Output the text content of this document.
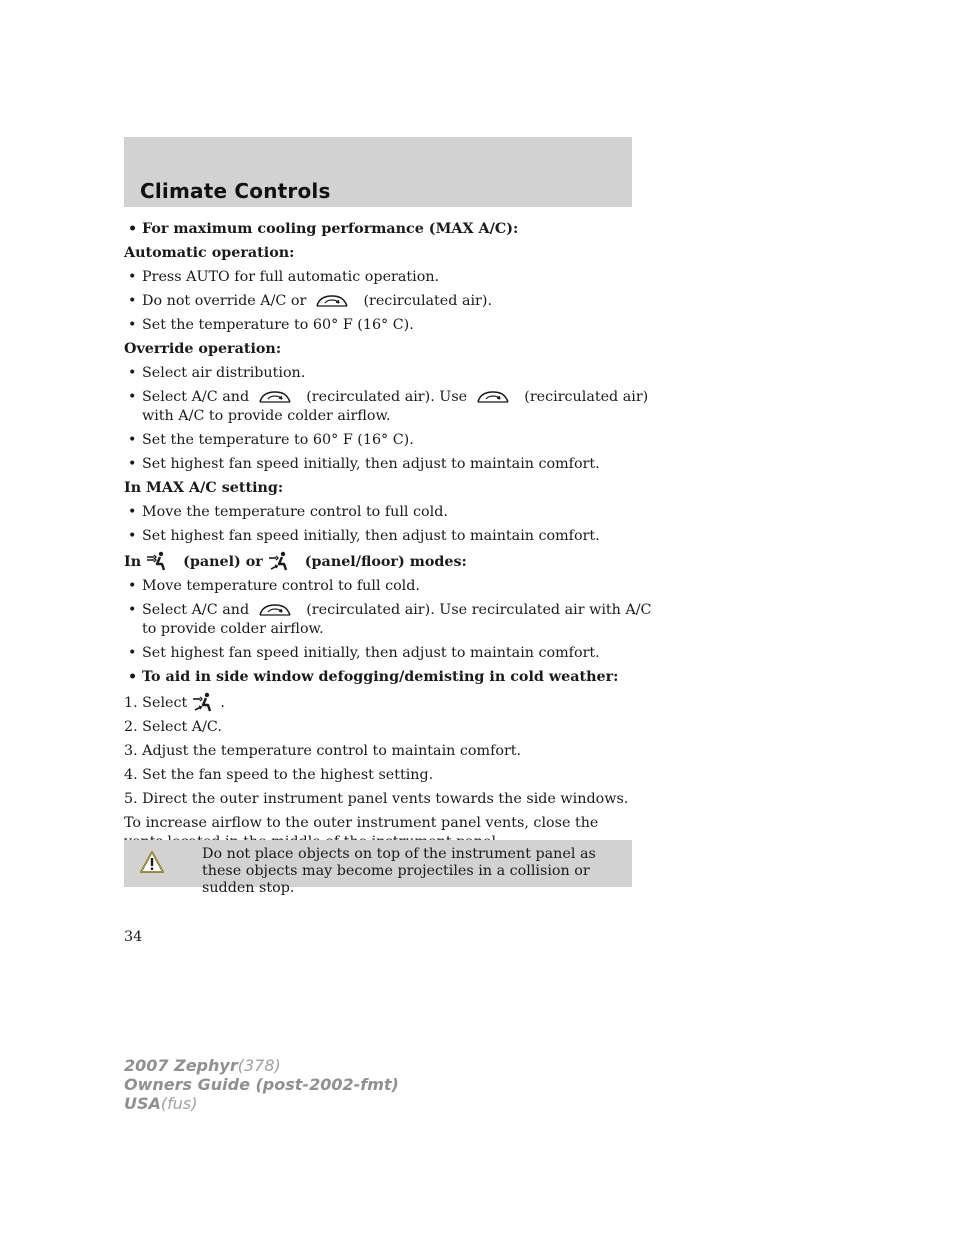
Climate Controls
• For maximum cooling performance (MAX A/C):
Automatic operation:
• Press AUTO for full automatic operation.
• Do not override A/C or	(recirculated air).
• Set the temperature to 60° F (16° C).
Override operation:
• Select air distribution.
• Select A/C and	(recirculated air). Use	(recirculated air)
with A/C to provide colder airflow.
• Set the temperature to 60° F (16° C).
• Set highest fan speed initially, then adjust to maintain comfort.
In MAX A/C setting:
• Move the temperature control to full cold.
• Set highest fan speed initially, then adjust to maintain comfort.
In	(panel) or	(panel/floor) modes:
• Move temperature control to full cold.
• Select A/C and	(recirculated air). Use recirculated air with A/C
to provide colder airflow.
• Set highest fan speed initially, then adjust to maintain comfort.
• To aid in side window defogging/demisting in cold weather:
1. Select .
2. Select A/C.
3. Adjust the temperature control to maintain comfort.
4. Set the fan speed to the highest setting.
5. Direct the outer instrument panel vents towards the side windows.
To increase airflow to the outer instrument panel vents, close the
Do not place objects on top of the instrument panel as these objects may become projectiles in a collision or sudden stop.
34
2007 Zephyr(378)
Owners Guide (post-2002-fmt)
USA(fus)
